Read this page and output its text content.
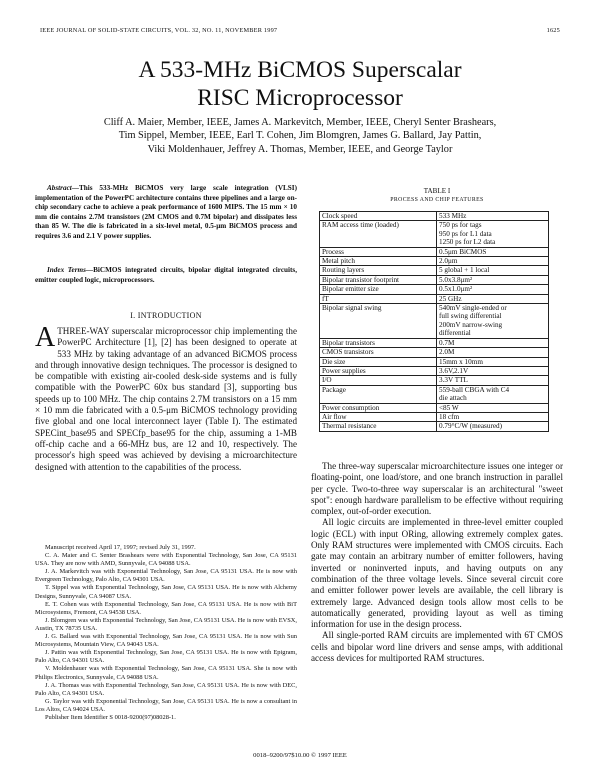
IEEE JOURNAL OF SOLID-STATE CIRCUITS, VOL. 32, NO. 11, NOVEMBER 1997	1625
A 533-MHz BiCMOS Superscalar
RISC Microprocessor
Cliff A. Maier, Member, IEEE, James A. Markevitch, Member, IEEE, Cheryl Senter Brashears,
Tim Sippel, Member, IEEE, Earl T. Cohen, Jim Blomgren, James G. Ballard, Jay Pattin,
Viki Moldenhauer, Jeffrey A. Thomas, Member, IEEE, and George Taylor

Abstract—This 533-MHz BiCMOS very large scale integration (VLSI) implementation of the PowerPC architecture contains three pipelines and a large on-chip secondary cache to achieve a peak performance of 1600 MIPS. The 15 mm × 10 mm die contains 2.7M transistors (2M CMOS and 0.7M bipolar) and dissipates less than 85 W. The die is fabricated in a six-level metal, 0.5-μm BiCMOS process and requires 3.6 and 2.1 V power supplies.

Index Terms—BiCMOS integrated circuits, bipolar digital integrated circuits, emitter coupled logic, microprocessors.

I. INTRODUCTION

ATHREE-WAY superscalar microprocessor chip implementing the PowerPC Architecture [1], [2] has been designed to operate at 533 MHz by taking advantage of an advanced BiCMOS process and through innovative design techniques. The processor is designed to be compatible with existing air-cooled desk-side systems and is fully compatible with the PowerPC 60x bus standard [3], supporting bus speeds up to 100 MHz. The chip contains 2.7M transistors on a 15 mm × 10 mm die fabricated with a 0.5-μm BiCMOS technology providing five global and one local interconnect layer (Table I). The estimated SPECint_base95 and SPECfp_base95 for the chip, assuming a 1-MB off-chip cache and a 66-MHz bus, are 12 and 10, respectively. The processor's high speed was achieved by devising a microarchitecture designed with attention to the capabilities of the process.

Manuscript received April 17, 1997; revised July 31, 1997.

C. A. Maier and C. Senter Brashears were with Exponential Technology, San Jose, CA 95131 USA. They are now with AMD, Sunnyvale, CA 94088 USA.

J. A. Markevitch was with Exponential Technology, San Jose, CA 95131 USA. He is now with Evergreen Technology, Palo Alto, CA 94301 USA.

T. Sippel was with Exponential Technology, San Jose, CA 95131 USA. He is now with Alchemy Designs, Sunnyvale, CA 94087 USA.

E. T. Cohen was with Exponential Technology, San Jose, CA 95131 USA. He is now with BiT Microsystems, Fremont, CA 94538 USA.

J. Blomgren was with Exponential Technology, San Jose, CA 95131 USA. He is now with EVSX, Austin, TX 78735 USA.

J. G. Ballard was with Exponential Technology, San Jose, CA 95131 USA. He is now with Sun Microsystems, Mountain View, CA 94043 USA.

J. Pattin was with Exponential Technology, San Jose, CA 95131 USA. He is now with Epigram, Palo Alto, CA 94301 USA.

V. Moldenhauer was with Exponential Technology, San Jose, CA 95131 USA. She is now with Philips Electronics, Sunnyvale, CA 94088 USA.

J. A. Thomas was with Exponential Technology, San Jose, CA 95131 USA. He is now with DEC, Palo Alto, CA 94301 USA.

G. Taylor was with Exponential Technology, San Jose, CA 95131 USA. He is now a consultant in Los Altos, CA 94024 USA.

Publisher Item Identifier S 0018-9200(97)08028-1.

TABLE I
PROCESS AND CHIP FEATURES
Clock speed	533 MHz
RAM access time (loaded)	750 ps for tags
950 ps for L1 data
1250 ps for L2 data
Process	0.5μm BiCMOS
Metal pitch	2.0μm
Routing layers	5 global + 1 local
Bipolar transistor footprint	5.0x3.8μm²
Bipolar emitter size	0.5x1.0μm²
fT	25 GHz
Bipolar signal swing	540mV single-ended or
full swing differential
200mV narrow-swing
differential
Bipolar transistors	0.7M
CMOS transistors	2.0M
Die size	15mm x 10mm
Power supplies	3.6V,2.1V
I/O	3.3V TTL
Package	559-ball CBGA with C4
die attach
Power consumption	<85 W
Air flow	18 cfm
Thermal resistance	0.79°C/W (measured)

The three-way superscalar microarchitecture issues one integer or floating-point, one load/store, and one branch instruction in parallel per cycle. Two-to-three way superscalar is an architectural "sweet spot": enough hardware parallelism to be effective without requiring complex, out-of-order execution.

All logic circuits are implemented in three-level emitter coupled logic (ECL) with input ORing, allowing extremely complex gates. Only RAM structures were implemented with CMOS circuits. Each gate may contain an arbitrary number of emitter followers, having inverted or noninverted inputs, and having outputs on any combination of the three voltage levels. Since several circuit core and emitter follower power levels are available, the cell library is extremely large. Advanced design tools allow most cells to be automatically generated, providing layout as well as timing information for use in the design process.

All single-ported RAM circuits are implemented with 6T CMOS cells and bipolar word line drivers and sense amps, with additional access devices for multiported RAM structures.

0018–9200/97$10.00 © 1997 IEEE
